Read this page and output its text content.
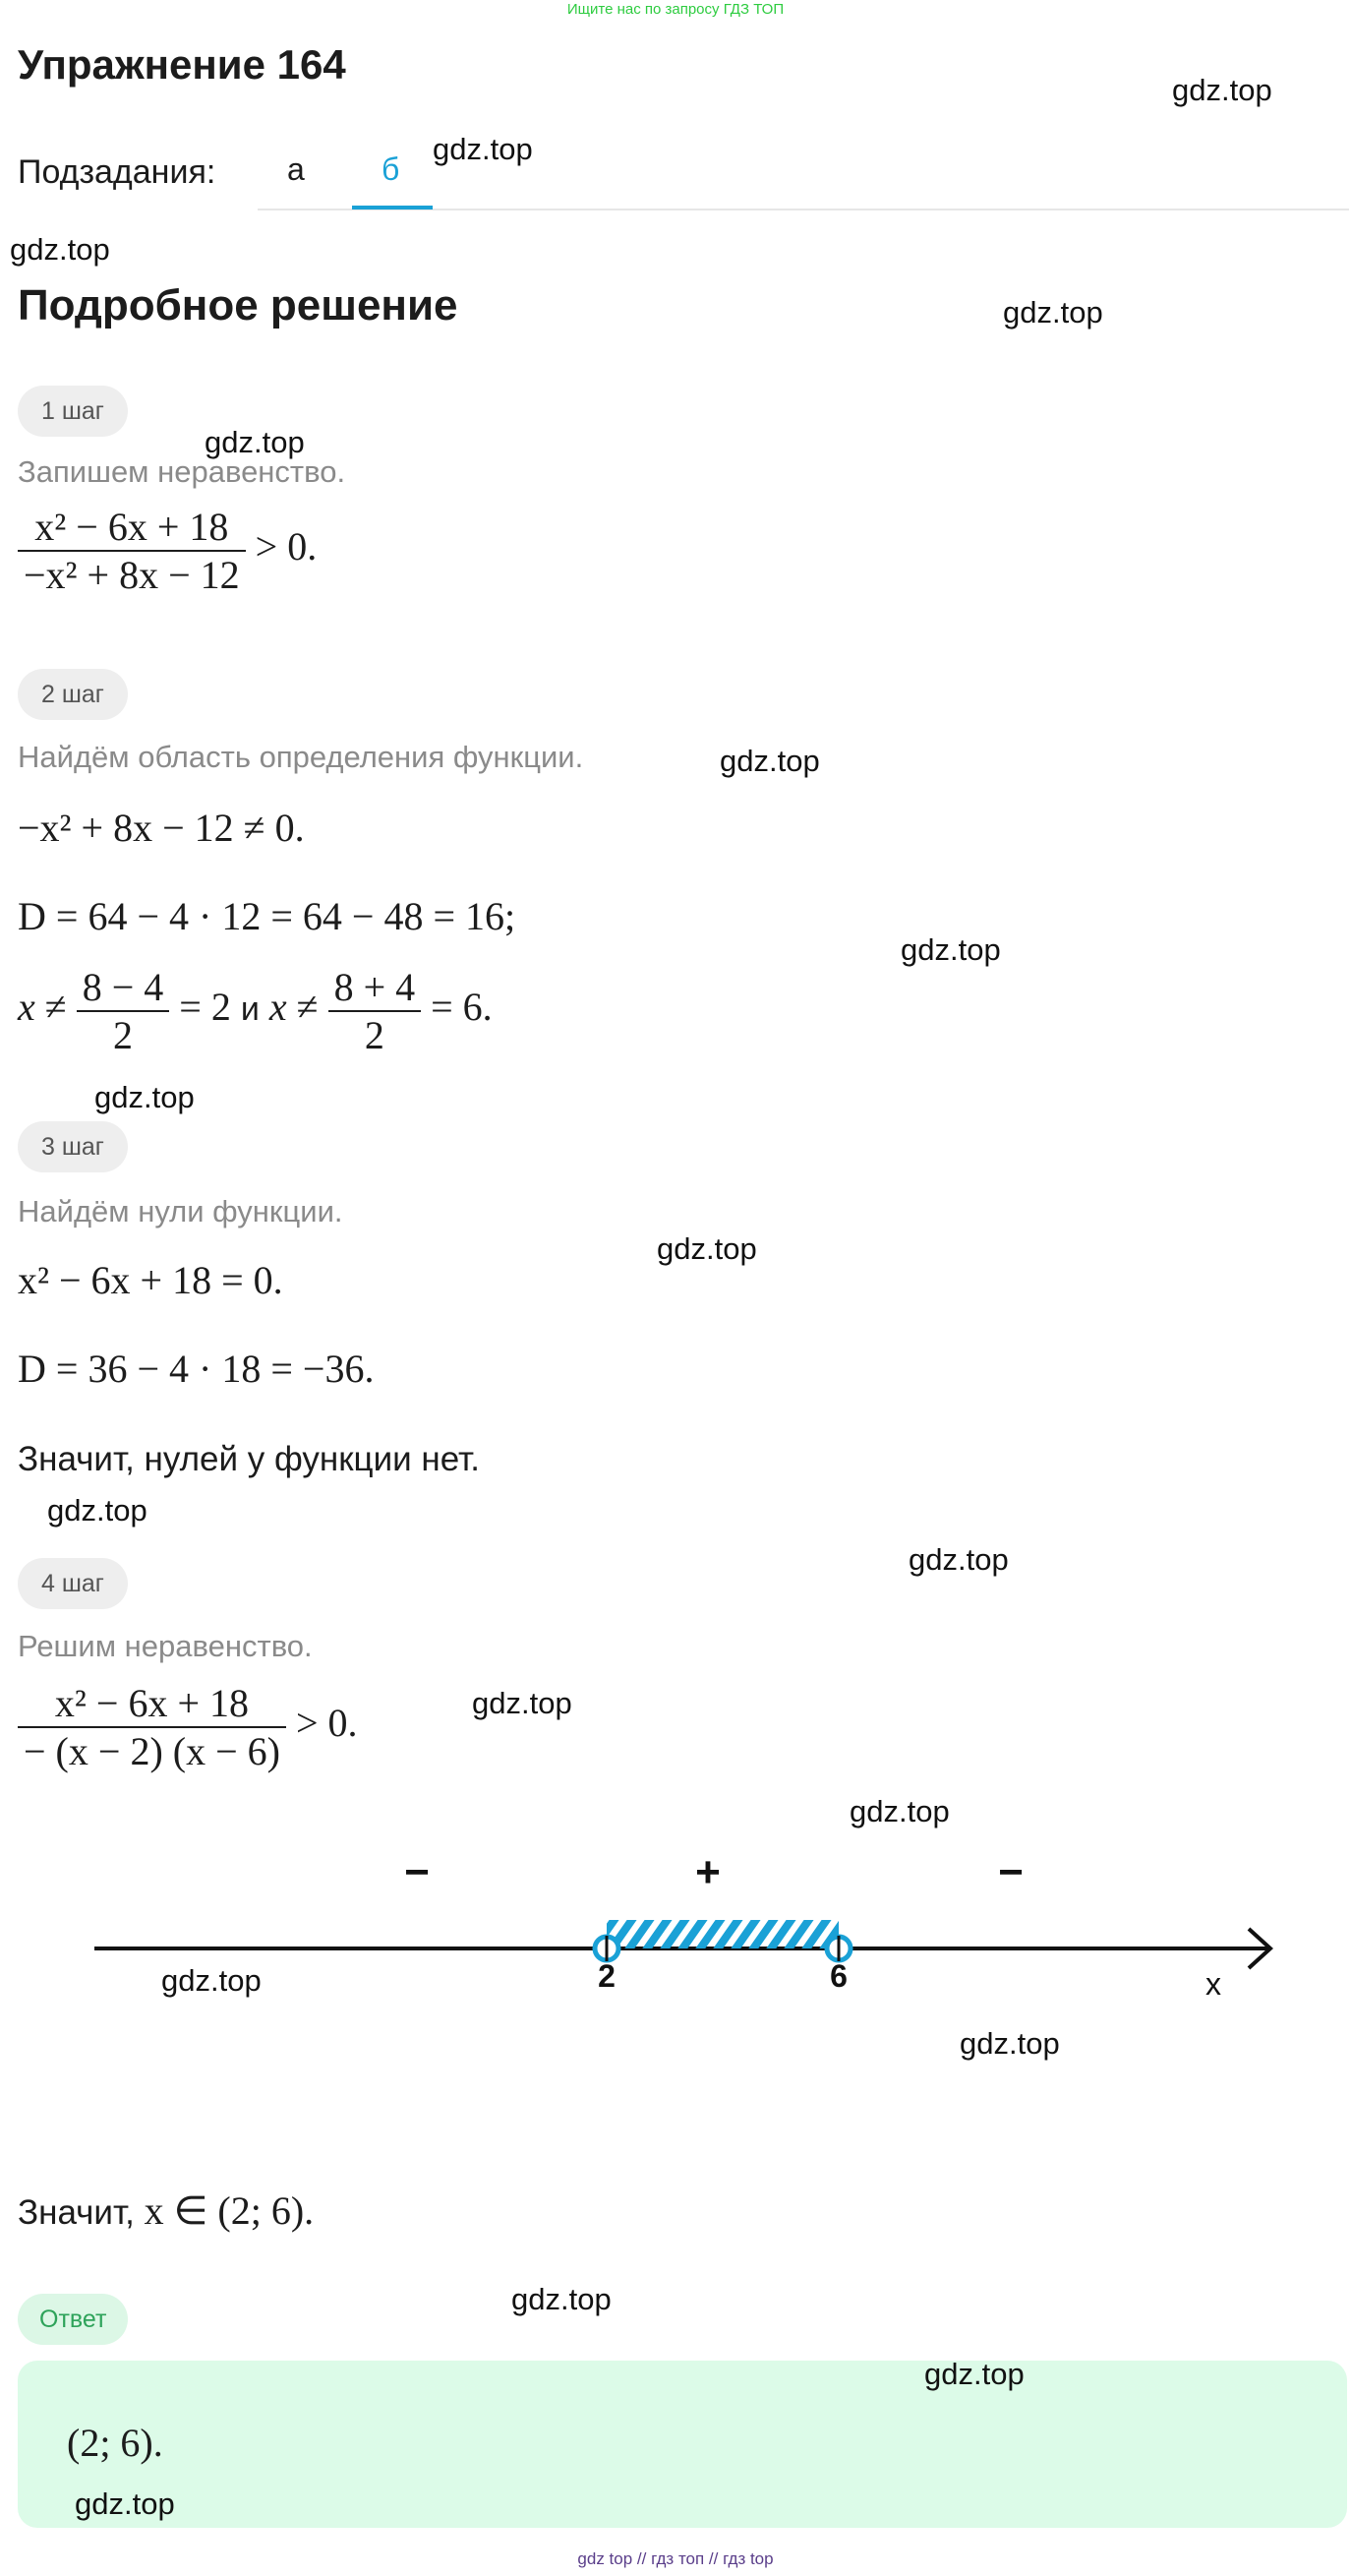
Ищите нас по запросу ГДЗ ТОП
Упражнение 164
Подзадания: а б
Подробное решение
1 шаг
Запишем неравенство.
$\frac{\text{x² − 6x + 18}}{\text{−x² + 8x − 12}} > 0$.
2 шаг
Найдём область определения функции.
−x² + 8x − 12 ≠ 0.
D = 64 − 4 · 12 = 64 − 48 = 16;
$x \ne \frac{8 - 4}{2} = 2$ и $x \ne \frac{8 + 4}{2} = 6$.
3 шаг
Найдём нули функции.
x² − 6x + 18 = 0.
D = 36 − 4 · 18 = −36.
Значит, нулей у функции нет.
4 шаг
Решим неравенство.
$\frac{\text{x² − 6x + 18}}{- (x - 2) (x - 6)} > 0$.
2	6	x
−	+	−
Значит, x ∈ (2; 6).
Ответ
(2; 6).
gdz.top
gdz.top
gdz.top
gdz.top
gdz.top
gdz.top
gdz.top
gdz.top
gdz.top
gdz.top
gdz.top
gdz.top
gdz.top
gdz.top
gdz.top
gdz.top
gdz.top
gdz.top
gdz top // гдз топ // гдз top
